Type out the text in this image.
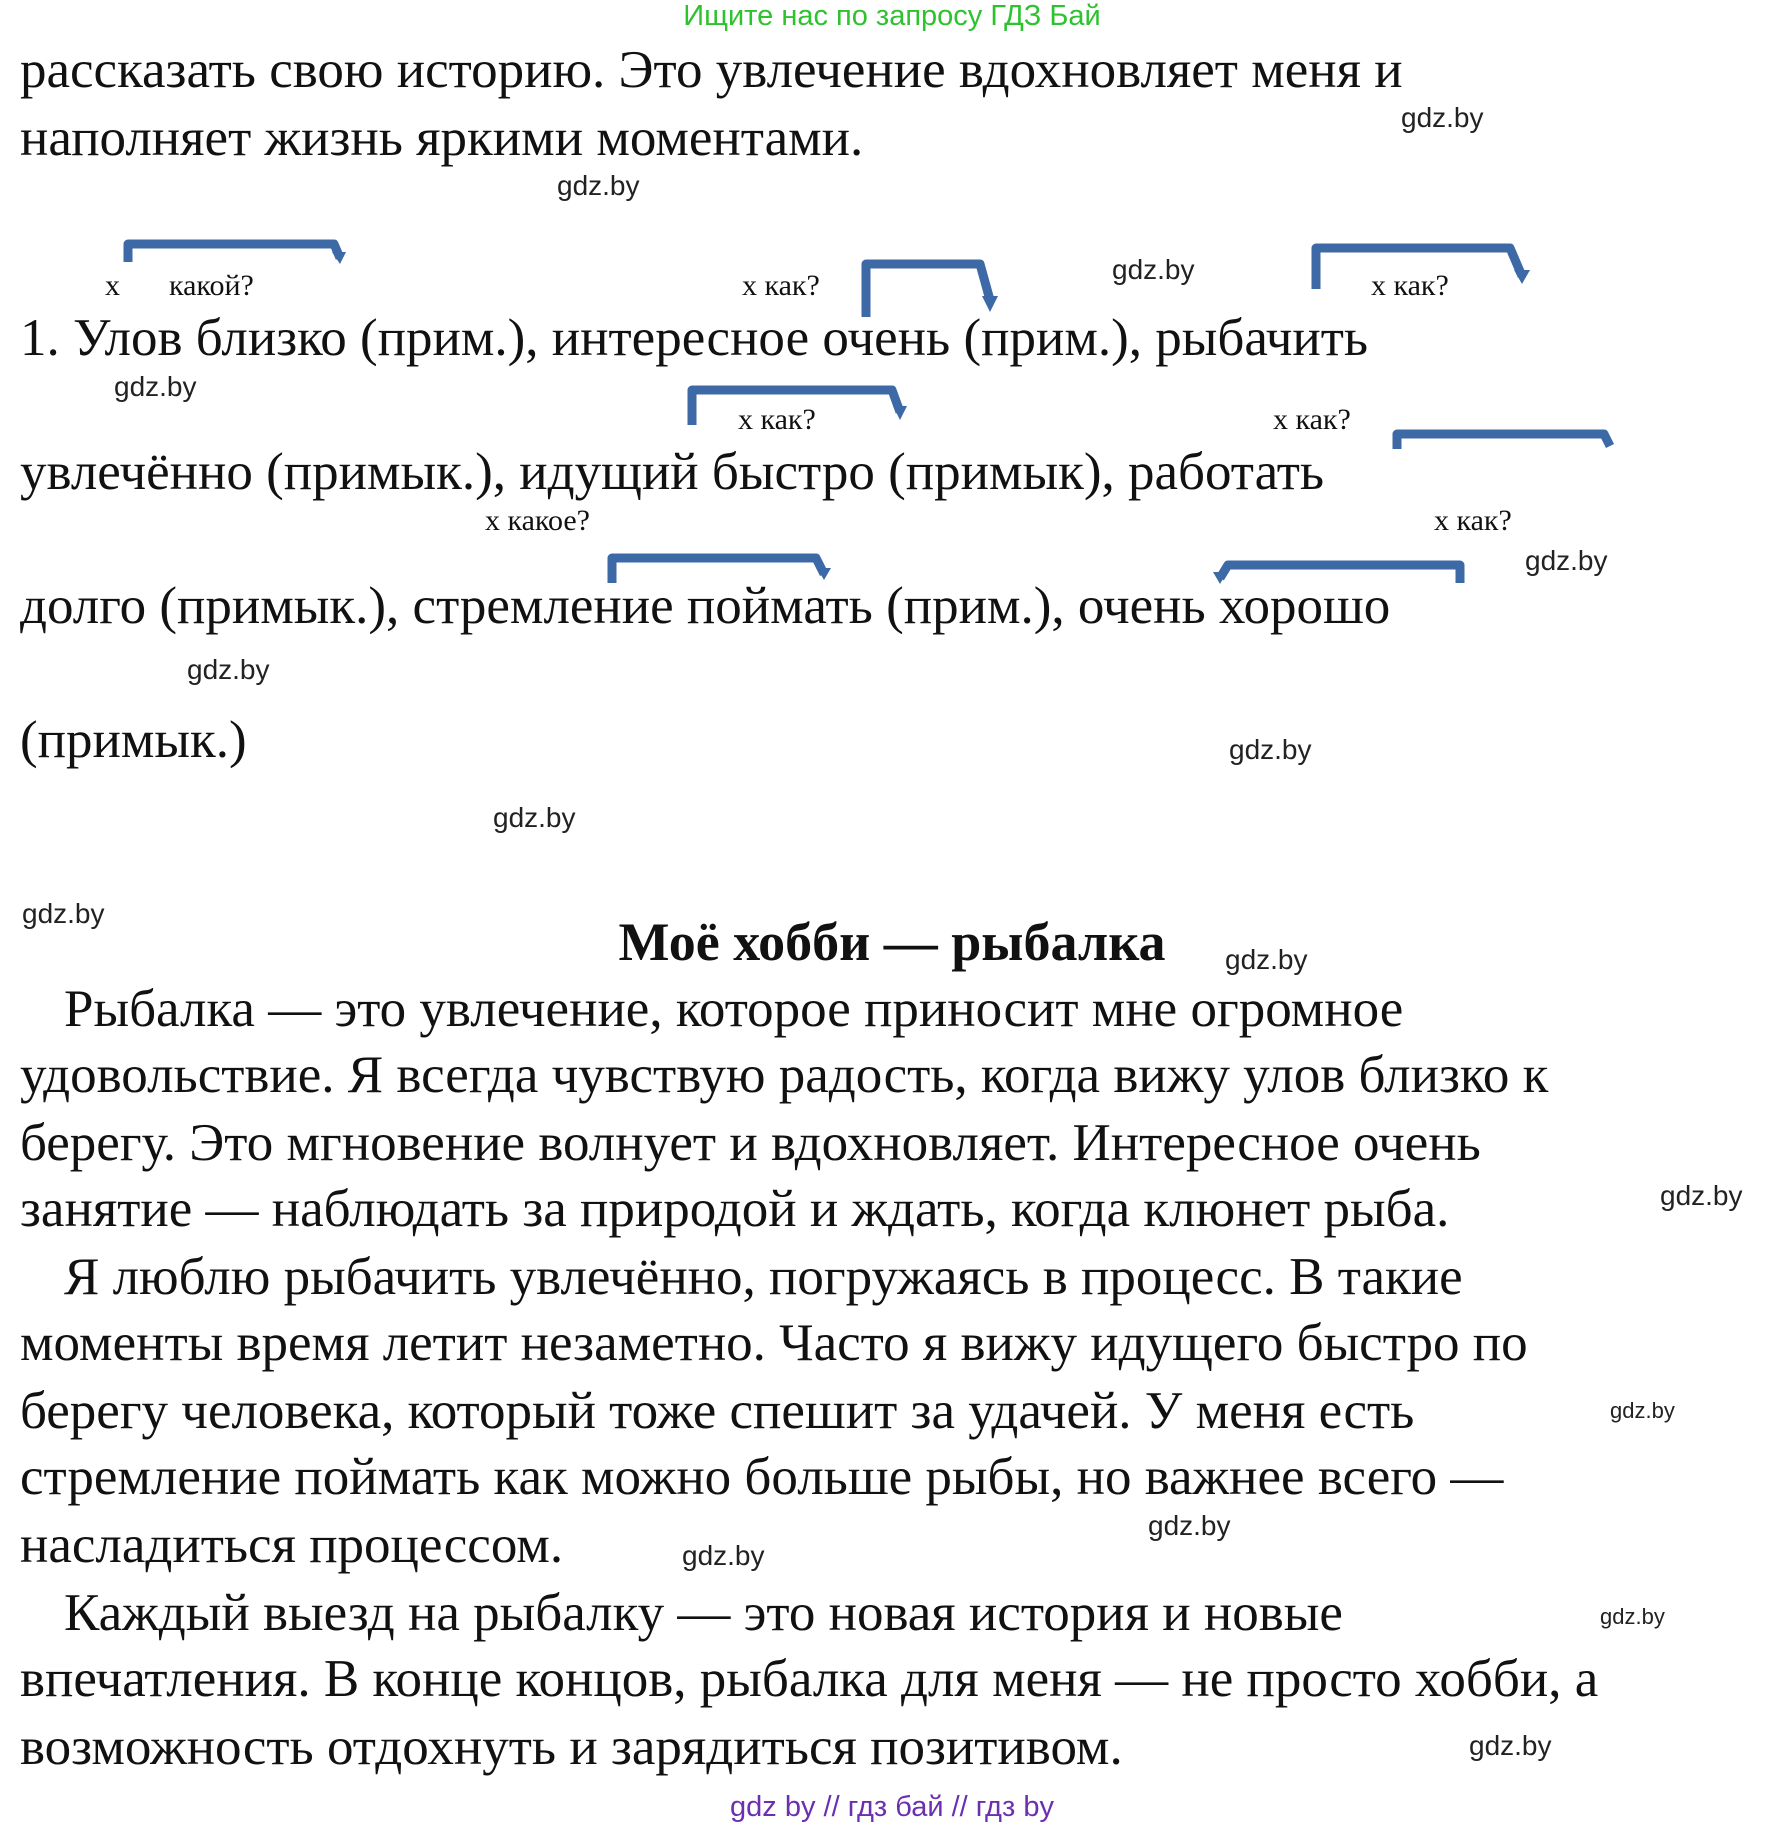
Ищите нас по запросу ГДЗ Бай
рассказать свою историю. Это увлечение вдохновляет меня и
наполняет жизнь яркими моментами.
x какой?	x как?	x как?
1. Улов близко (прим.), интересное очень (прим.), рыбачить
x как?	x как?
увлечённо (примык.), идущий быстро (примык), работать
x какое?	x как?
долго (примык.), стремление поймать (прим.), очень хорошо
(примык.)
Моё хобби — рыбалка
Рыбалка — это увлечение, которое приносит мне огромное
удовольствие. Я всегда чувствую радость, когда вижу улов близко к
берегу. Это мгновение волнует и вдохновляет. Интересное очень
занятие — наблюдать за природой и ждать, когда клюнет рыба.
Я люблю рыбачить увлечённо, погружаясь в процесс. В такие
моменты время летит незаметно. Часто я вижу идущего быстро по
берегу человека, который тоже спешит за удачей. У меня есть
стремление поймать как можно больше рыбы, но важнее всего —
насладиться процессом.
Каждый выезд на рыбалку — это новая история и новые
впечатления. В конце концов, рыбалка для меня — не просто хобби, а
возможность отдохнуть и зарядиться позитивом.
gdz.by
gdz.by
gdz.by
gdz.by
gdz.by
gdz.by
gdz.by
gdz.by
gdz.by
gdz.by
gdz.by
gdz.by
gdz.by
gdz.by
gdz.by
gdz.by
gdz by // гдз бай // гдз by
